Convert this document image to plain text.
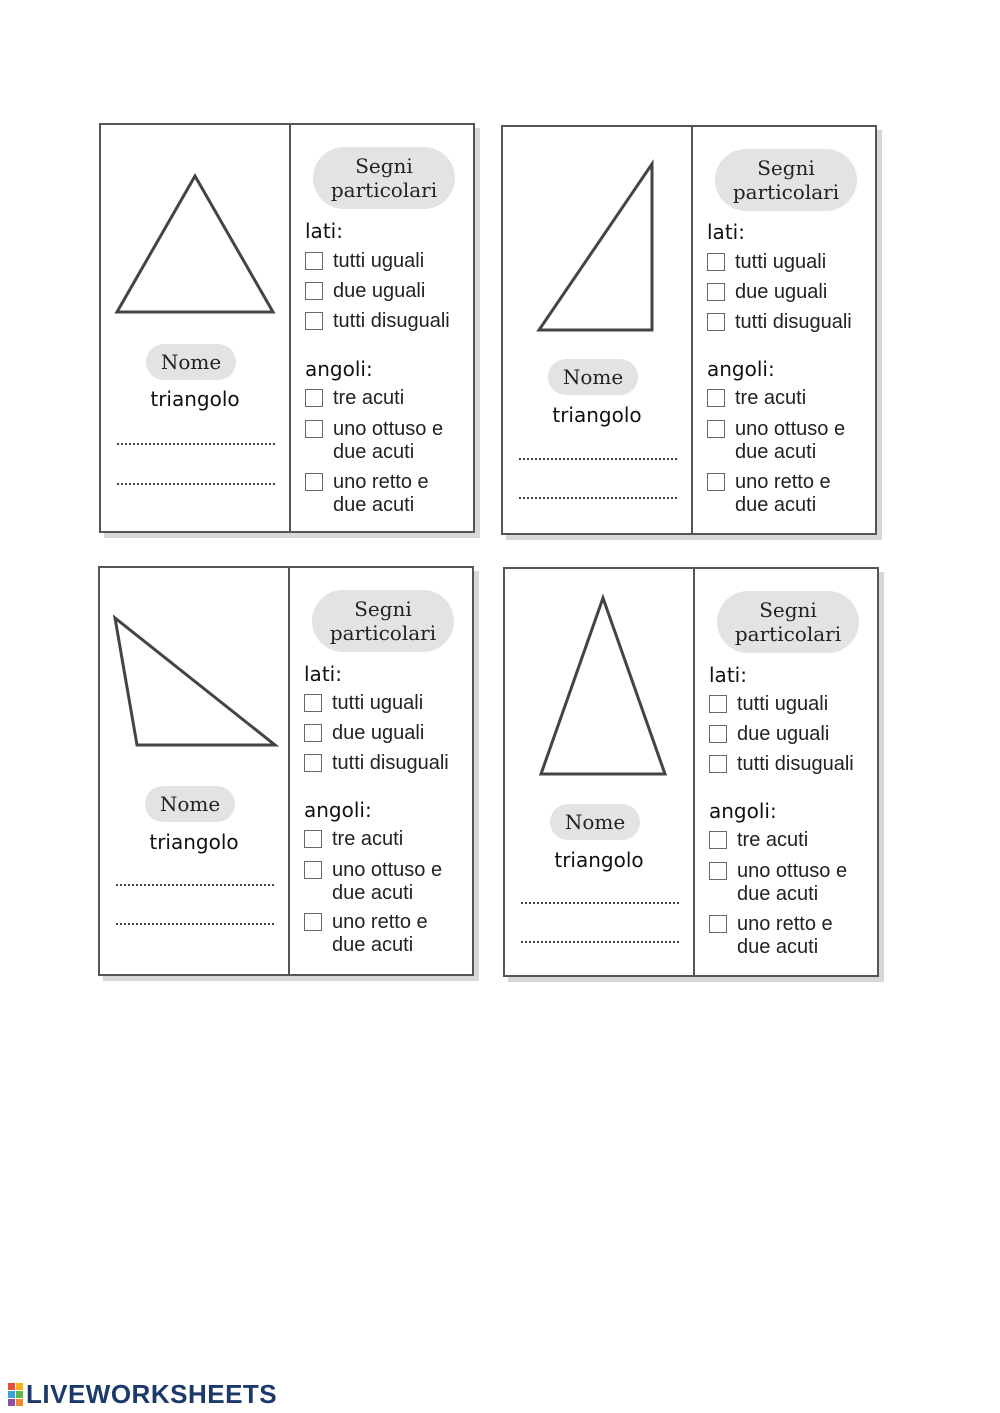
Nome
triangolo
Segni
particolari
lati:
tutti uguali
due uguali
tutti disuguali
angoli:
tre acuti
uno ottuso e
due acuti
uno retto e
due acuti
Nome
triangolo
Segni
particolari
lati:
tutti uguali
due uguali
tutti disuguali
angoli:
tre acuti
uno ottuso e
due acuti
uno retto e
due acuti
Nome
triangolo
Segni
particolari
lati:
tutti uguali
due uguali
tutti disuguali
angoli:
tre acuti
uno ottuso e
due acuti
uno retto e
due acuti
Nome
triangolo
Segni
particolari
lati:
tutti uguali
due uguali
tutti disuguali
angoli:
tre acuti
uno ottuso e
due acuti
uno retto e
due acuti
LIVEWORKSHEETS
